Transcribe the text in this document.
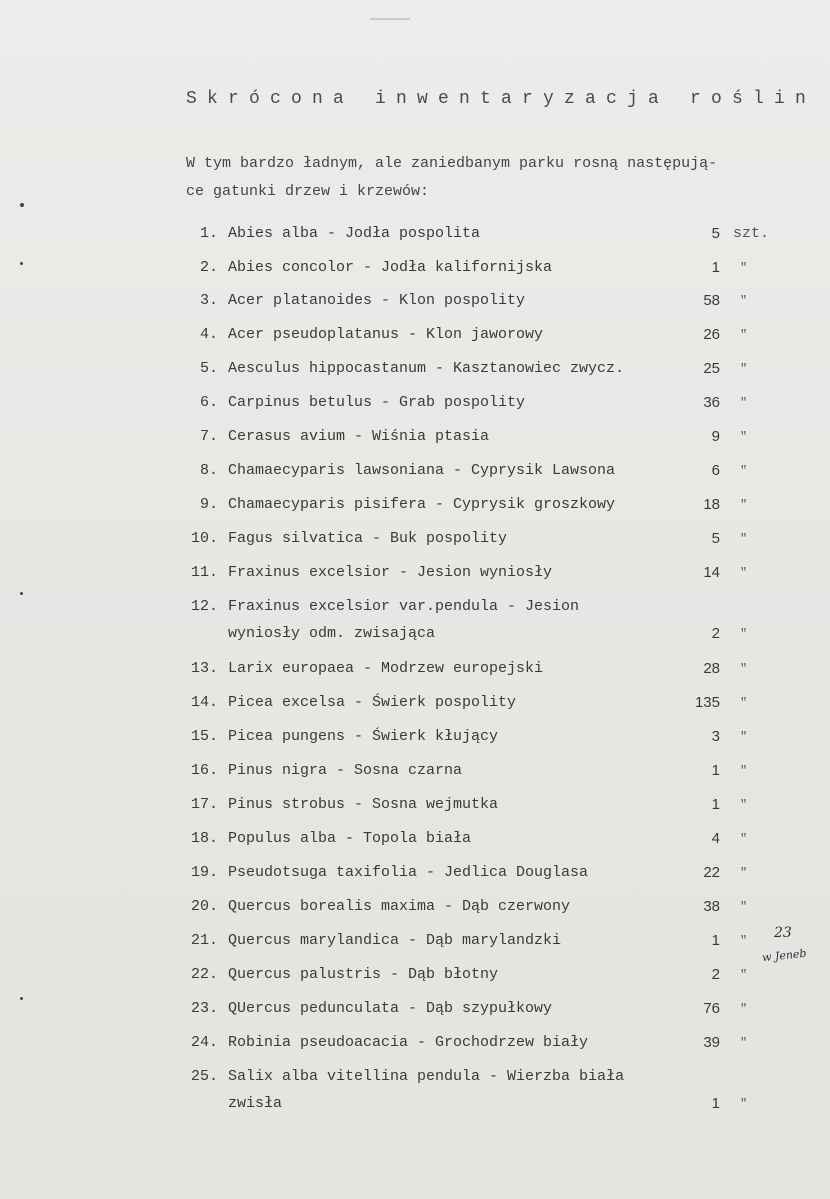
Skrócona inwentaryzacja roślin

W tym bardzo ładnym, ale zaniedbanym parku rosną następują-

ce gatunki drzew i krzewów:

1. Abies alba - Jodła pospolita	5 szt.
2. Abies concolor - Jodła kalifornijska	1 "
3. Acer platanoides - Klon pospolity	58 "
4. Acer pseudoplatanus - Klon jaworowy	26 "
5. Aesculus hippocastanum - Kasztanowiec zwycz.	25 "
6. Carpinus betulus - Grab pospolity	36 "
7. Cerasus avium - Wiśnia ptasia	9 "
8. Chamaecyparis lawsoniana - Cyprysik Lawsona	6 "
9. Chamaecyparis pisifera - Cyprysik groszkowy	18 "
10. Fagus silvatica - Buk pospolity	5 "
11. Fraxinus excelsior - Jesion wyniosły	14 "
12. Fraxinus excelsior var.pendula - Jesion
wyniosły odm. zwisająca	2 "
13. Larix europaea - Modrzew europejski	28 "
14. Picea excelsa - Świerk pospolity	135 "
15. Picea pungens - Świerk kłujący	3 "
16. Pinus nigra - Sosna czarna	1 "
17. Pinus strobus - Sosna wejmutka	1 "
18. Populus alba - Topola biała	4 "
19. Pseudotsuga taxifolia - Jedlica Douglasa	22 "
20. Quercus borealis maxima - Dąb czerwony	38 "
21. Quercus marylandica - Dąb marylandzki	1 "
22. Quercus palustris - Dąb błotny	2 "
23. QUercus pedunculata - Dąb szypułkowy	76 "
24. Robinia pseudoacacia - Grochodrzew biały	39 "
25. Salix alba vitellina pendula - Wierzba biała
zwisła	1 "
23
w Jeneb
